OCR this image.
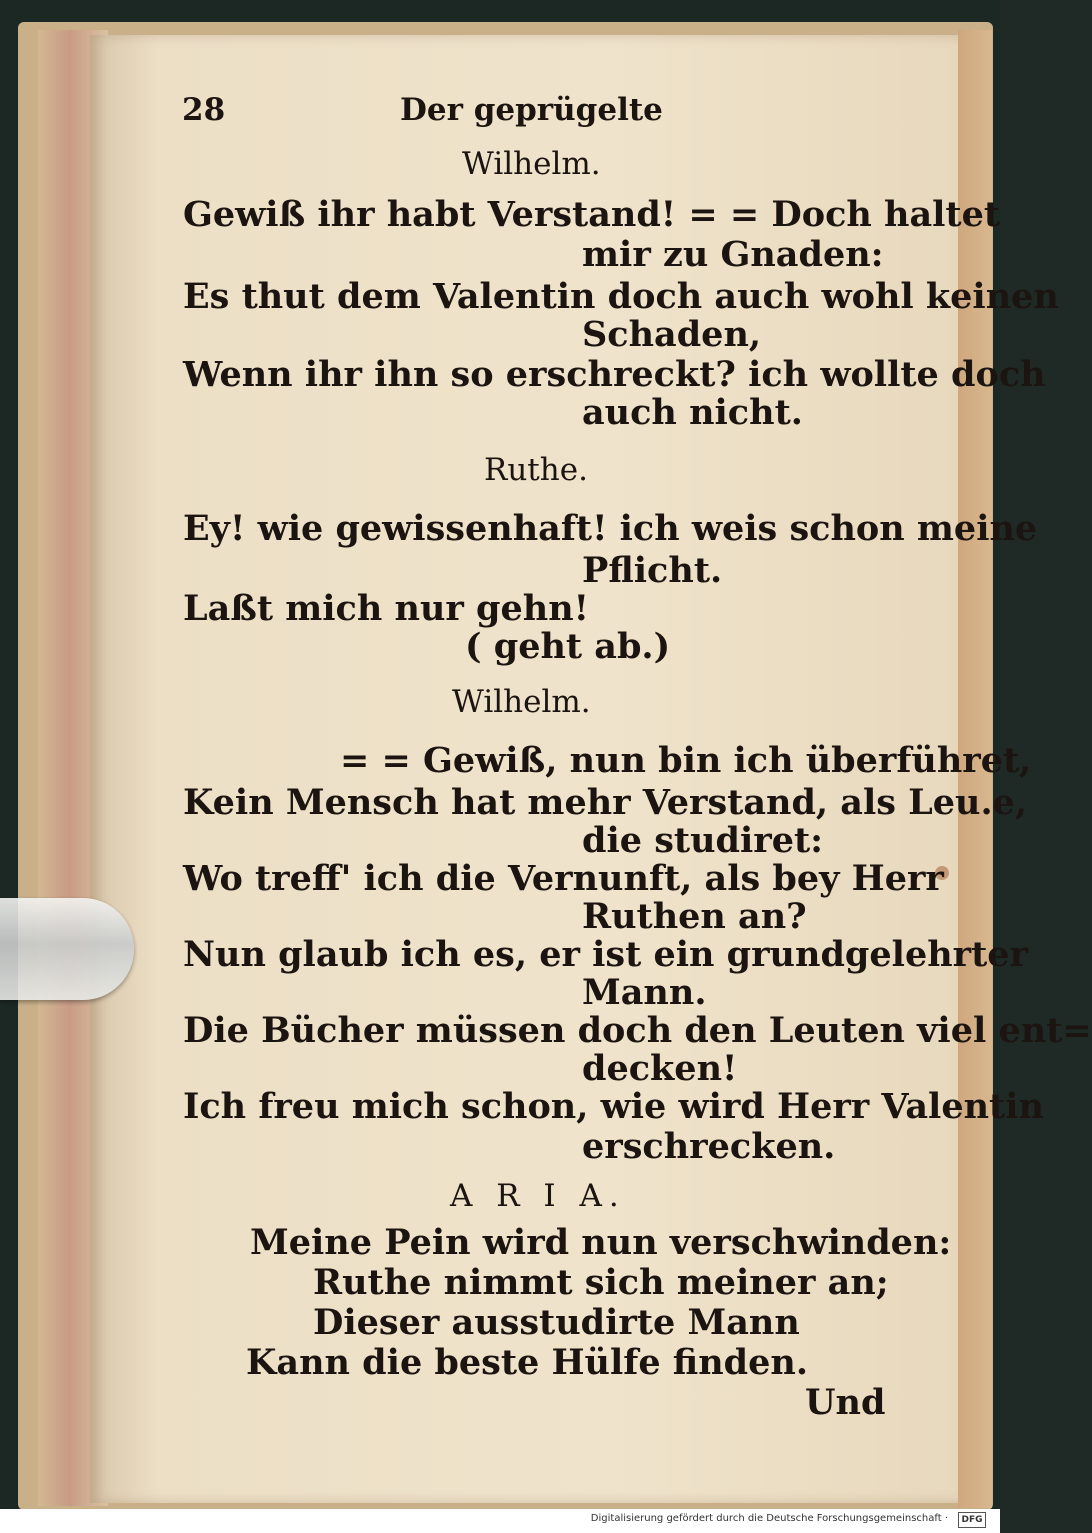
28	Der geprügelte
Wilhelm.
Gewiß ihr habt Verstand! = = Doch haltet
mir zu Gnaden:
Es thut dem Valentin doch auch wohl keinen
Schaden,
Wenn ihr ihn so erschreckt? ich wollte doch
auch nicht.
Ruthe.
Ey! wie gewissenhaft! ich weis schon meine
Pflicht.
Laßt mich nur gehn!
( geht ab.)
Wilhelm.
= = Gewiß, nun bin ich überführet,
Kein Mensch hat mehr Verstand, als Leu.e,
die studiret:
Wo treff' ich die Vernunft, als bey Herr
Ruthen an?
Nun glaub ich es, er ist ein grundgelehrter
Mann.
Die Bücher müssen doch den Leuten viel ent=
decken!
Ich freu mich schon, wie wird Herr Valentin
erschrecken.
A R I A.
Meine Pein wird nun verschwinden:
Ruthe nimmt sich meiner an;
Dieser ausstudirte Mann
Kann die beste Hülfe finden.
Und
Digitalisierung gefördert durch die Deutsche Forschungsgemeinschaft ·	DFG
